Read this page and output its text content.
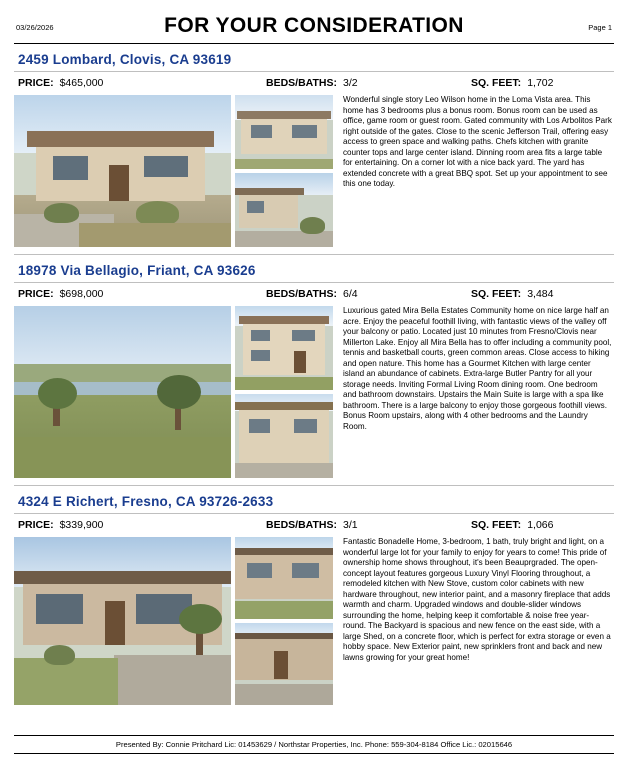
03/26/2026	FOR YOUR CONSIDERATION	Page 1
2459 Lombard, Clovis, CA 93619
PRICE: $465,000	BEDS/BATHS: 3/2	SQ. FEET: 1,702
Wonderful single story Leo Wilson home in the Loma Vista area. This home has 3 bedrooms plus a bonus room. Bonus room can be used as office, game room or guest room. Gated community with Los Arbolitos Park right outside of the gates. Close to the scenic Jefferson Trail, offering easy access to green space and walking paths. Chefs kitchen with granite counter tops and large center island. Dinning room area fits a large table for entertaining. On a corner lot with a nice back yard. The yard has extended concrete with a great BBQ spot. Set up your appointment to see this one today.
18978 Via Bellagio, Friant, CA 93626
PRICE: $698,000	BEDS/BATHS: 6/4	SQ. FEET: 3,484
Luxurious gated Mira Bella Estates Community home on nice large half an acre. Enjoy the peaceful foothill living, with fantastic views of the valley off your balcony or patio. Located just 10 minutes from Fresno/Clovis near Millerton Lake. Enjoy all Mira Bella has to offer including a community pool, tennis and basketball courts, green common areas. Close access to hiking and open nature. This home has a Gourmet Kitchen with large center island an abundance of cabinets. Extra-large Butler Pantry for all your storage needs. Inviting Formal Living Room dining room. One bedroom and bathroom downstairs. Upstairs the Main Suite is large with a spa like bathroom. There is a large balcony to enjoy those gorgeous foothill views. Bonus Room upstairs, along with 4 other bedrooms and the Laundry Room.
4324 E Richert, Fresno, CA 93726-2633
PRICE: $339,900	BEDS/BATHS: 3/1	SQ. FEET: 1,066
Fantastic Bonadelle Home, 3-bedroom, 1 bath, truly bright and light, on a wonderful large lot for your family to enjoy for years to come! This pride of ownership home shows throughout, it's been Beauprgraded. The open-concept layout features gorgeous Luxury Vinyl Flooring throughout, a remodeled kitchen with New Stove, custom color cabinets with new hardware throughout, new interior paint, and a masonry fireplace that adds warmth and charm. Upgraded windows and double-slider windows surrounding the home, helping keep it comfortable & noise free year-round. The Backyard is spacious and new fence on the east side, with a large Shed, on a concrete floor, which is perfect for extra storage or even a hobby space. New Exterior paint, new sprinklers front and back and new lawns growing for your great home!
Presented By: Connie Pritchard Lic: 01453629 / Northstar Properties, Inc. Phone: 559-304-8184 Office Lic.: 02015646
